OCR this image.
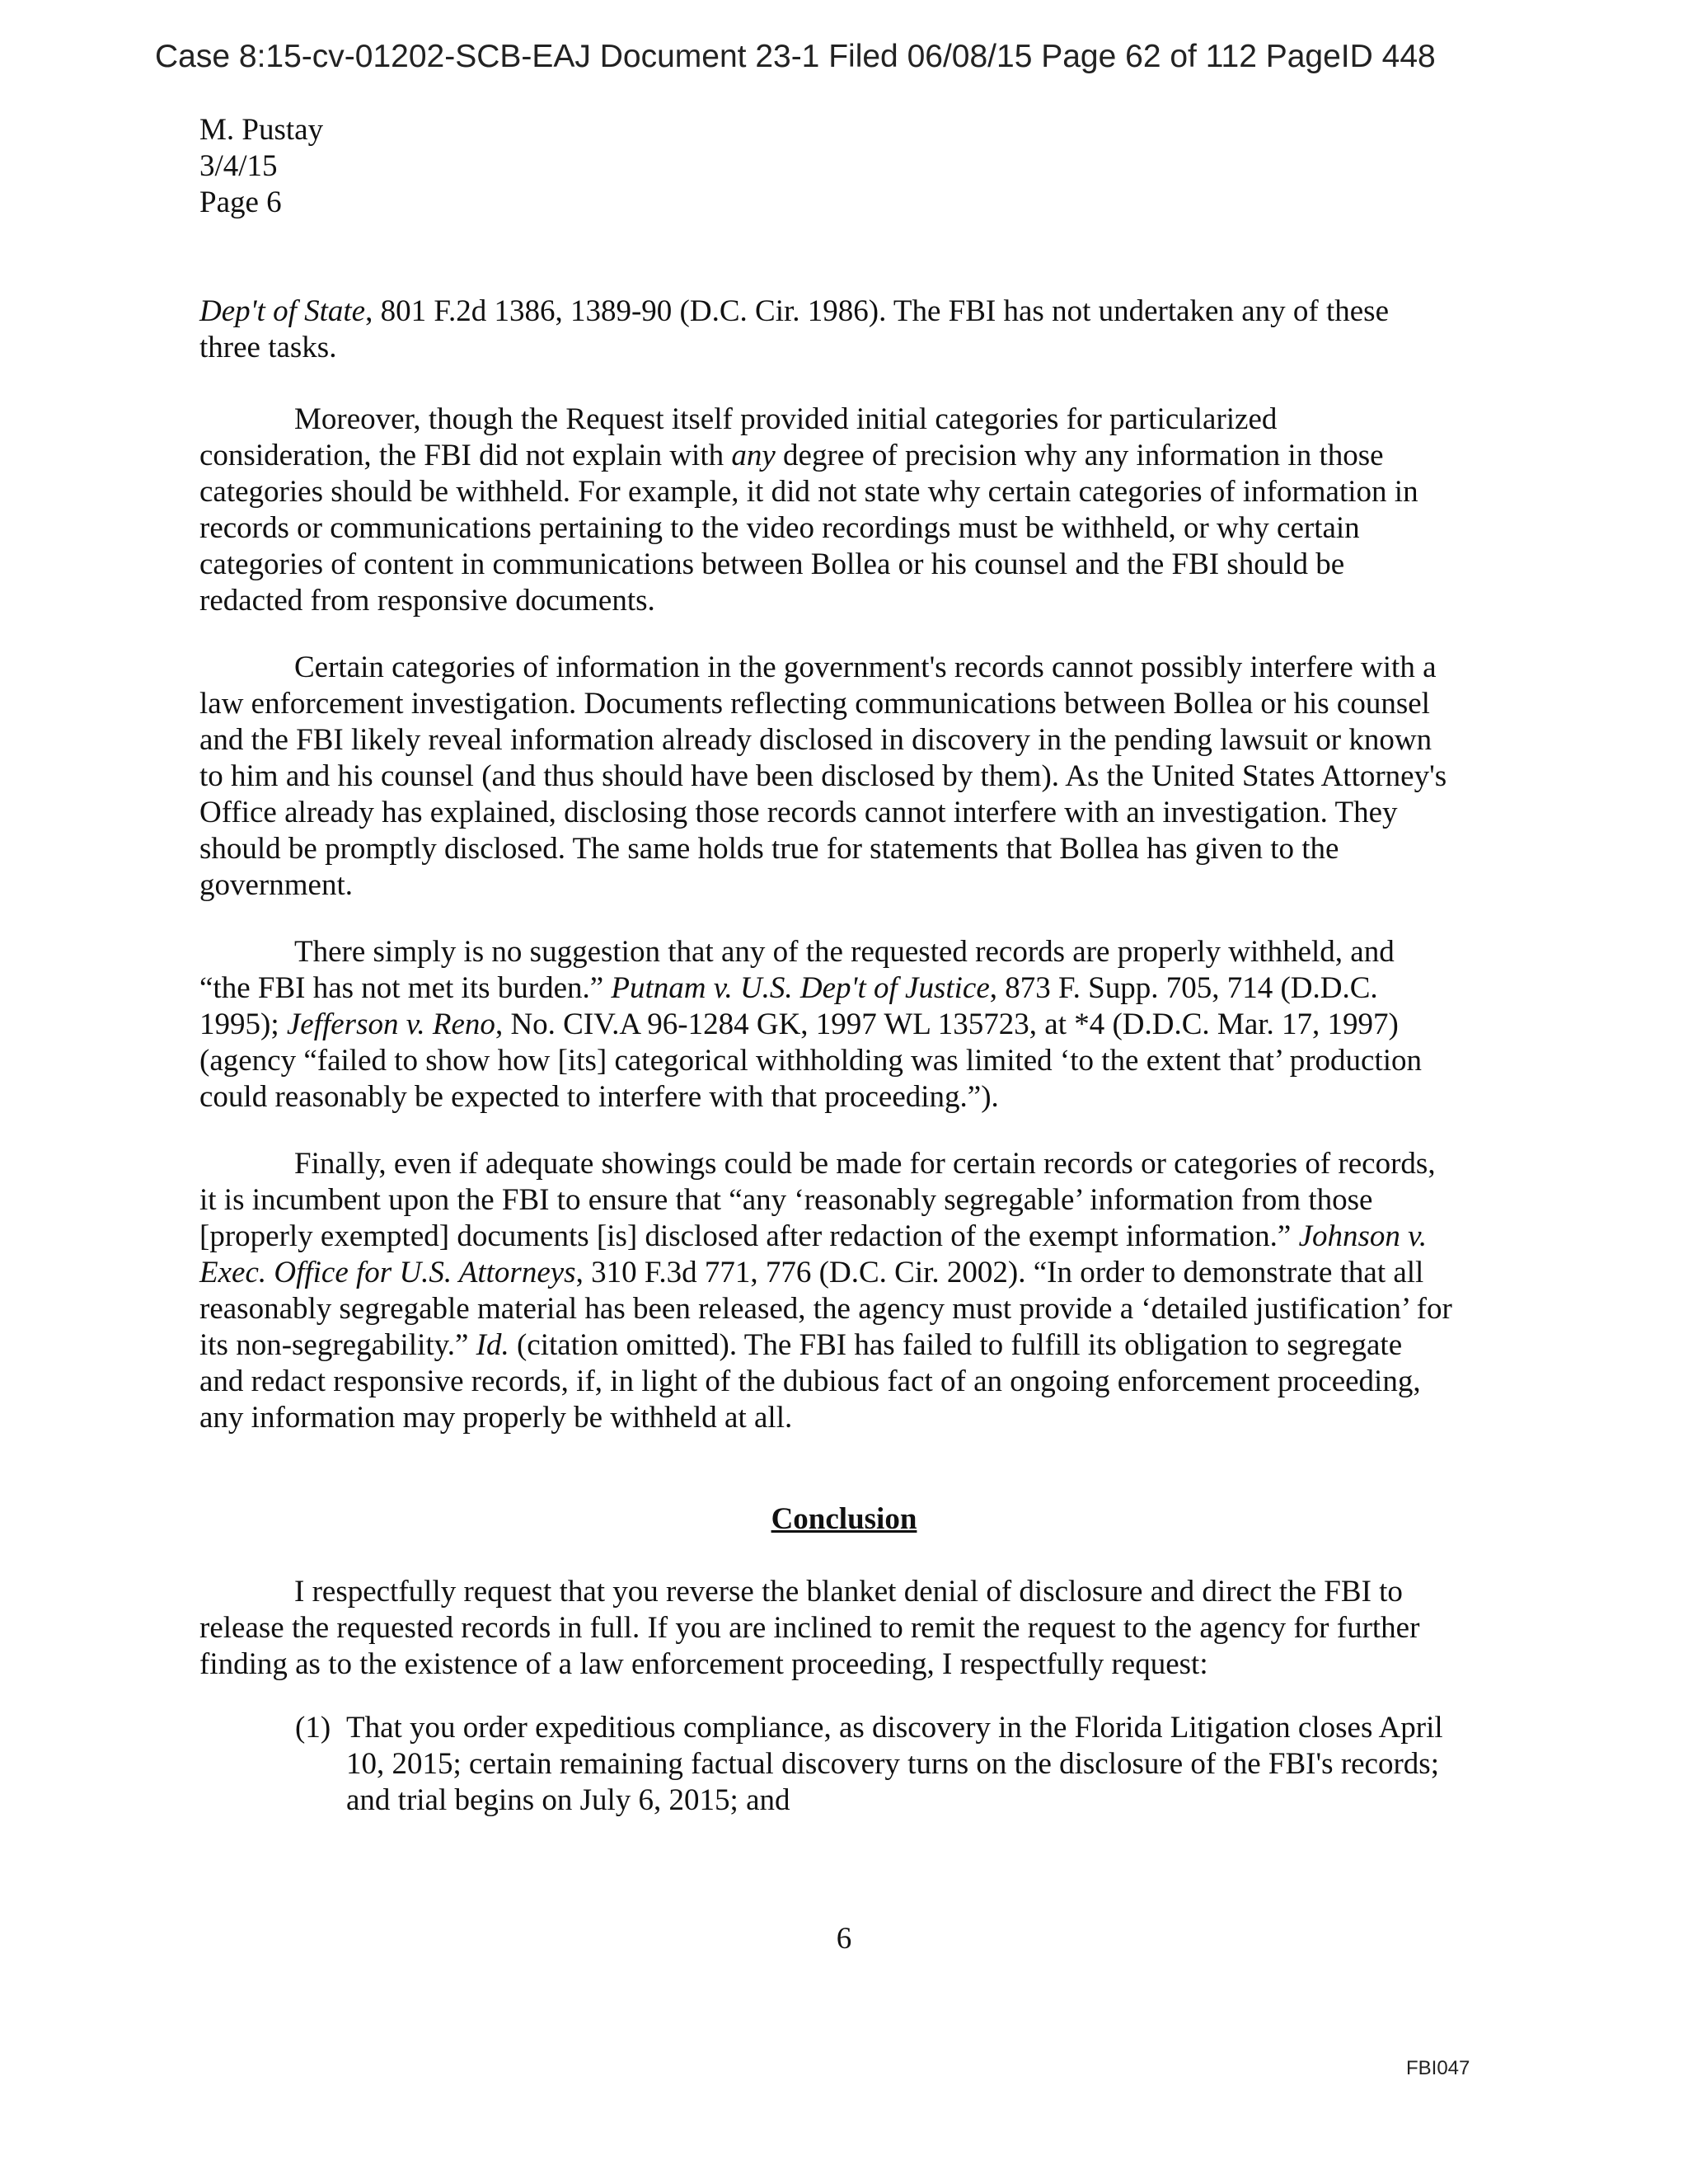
Case 8:15-cv-01202-SCB-EAJ Document 23-1 Filed 06/08/15 Page 62 of 112 PageID 448
M. Pustay
3/4/15
Page 6

Dep't of State, 801 F.2d 1386, 1389-90 (D.C. Cir. 1986). The FBI has not undertaken any of these three tasks.

Moreover, though the Request itself provided initial categories for particularized consideration, the FBI did not explain with any degree of precision why any information in those categories should be withheld. For example, it did not state why certain categories of information in records or communications pertaining to the video recordings must be withheld, or why certain categories of content in communications between Bollea or his counsel and the FBI should be redacted from responsive documents.

Certain categories of information in the government's records cannot possibly interfere with a law enforcement investigation. Documents reflecting communications between Bollea or his counsel and the FBI likely reveal information already disclosed in discovery in the pending lawsuit or known to him and his counsel (and thus should have been disclosed by them). As the United States Attorney's Office already has explained, disclosing those records cannot interfere with an investigation. They should be promptly disclosed. The same holds true for statements that Bollea has given to the government.

There simply is no suggestion that any of the requested records are properly withheld, and “the FBI has not met its burden.” Putnam v. U.S. Dep't of Justice, 873 F. Supp. 705, 714 (D.D.C. 1995); Jefferson v. Reno, No. CIV.A 96-1284 GK, 1997 WL 135723, at *4 (D.D.C. Mar. 17, 1997) (agency “failed to show how [its] categorical withholding was limited ‘to the extent that’ production could reasonably be expected to interfere with that proceeding.”).

Finally, even if adequate showings could be made for certain records or categories of records, it is incumbent upon the FBI to ensure that “any ‘reasonably segregable’ information from those [properly exempted] documents [is] disclosed after redaction of the exempt information.” Johnson v. Exec. Office for U.S. Attorneys, 310 F.3d 771, 776 (D.C. Cir. 2002). “In order to demonstrate that all reasonably segregable material has been released, the agency must provide a ‘detailed justification’ for its non-segregability.” Id. (citation omitted). The FBI has failed to fulfill its obligation to segregate and redact responsive records, if, in light of the dubious fact of an ongoing enforcement proceeding, any information may properly be withheld at all.

Conclusion

I respectfully request that you reverse the blanket denial of disclosure and direct the FBI to release the requested records in full. If you are inclined to remit the request to the agency for further finding as to the existence of a law enforcement proceeding, I respectfully request:

(1) That you order expeditious compliance, as discovery in the Florida Litigation closes April 10, 2015; certain remaining factual discovery turns on the disclosure of the FBI's records; and trial begins on July 6, 2015; and
6
FBI047
